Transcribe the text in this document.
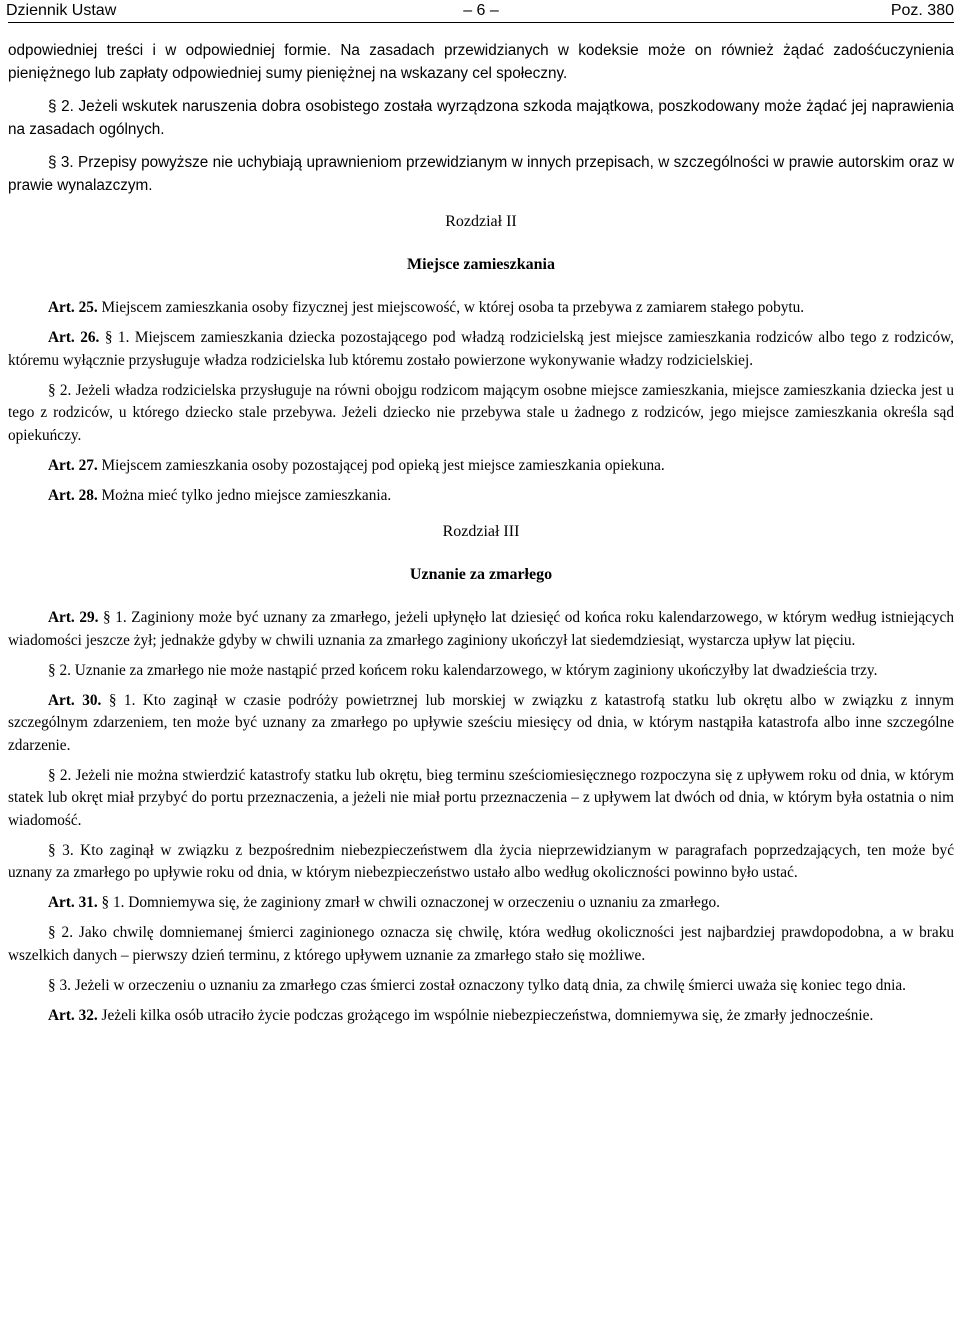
Dziennik Ustaw	– 6 –	Poz. 380

odpowiedniej treści i w odpowiedniej formie. Na zasadach przewidzianych w kodeksie może on również żądać zadośćuczynienia pieniężnego lub zapłaty odpowiedniej sumy pieniężnej na wskazany cel społeczny.

§ 2. Jeżeli wskutek naruszenia dobra osobistego została wyrządzona szkoda majątkowa, poszkodowany może żądać jej naprawienia na zasadach ogólnych.

§ 3. Przepisy powyższe nie uchybiają uprawnieniom przewidzianym w innych przepisach, w szczególności w prawie autorskim oraz w prawie wynalazczym.

Rozdział II
Miejsce zamieszkania

Art. 25. Miejscem zamieszkania osoby fizycznej jest miejscowość, w której osoba ta przebywa z zamiarem stałego pobytu.

Art. 26. § 1. Miejscem zamieszkania dziecka pozostającego pod władzą rodzicielską jest miejsce zamieszkania rodziców albo tego z rodziców, któremu wyłącznie przysługuje władza rodzicielska lub któremu zostało powierzone wykonywanie władzy rodzicielskiej.

§ 2. Jeżeli władza rodzicielska przysługuje na równi obojgu rodzicom mającym osobne miejsce zamieszkania, miejsce zamieszkania dziecka jest u tego z rodziców, u którego dziecko stale przebywa. Jeżeli dziecko nie przebywa stale u żadnego z rodziców, jego miejsce zamieszkania określa sąd opiekuńczy.

Art. 27. Miejscem zamieszkania osoby pozostającej pod opieką jest miejsce zamieszkania opiekuna.

Art. 28. Można mieć tylko jedno miejsce zamieszkania.

Rozdział III
Uznanie za zmarłego

Art. 29. § 1. Zaginiony może być uznany za zmarłego, jeżeli upłynęło lat dziesięć od końca roku kalendarzowego, w którym według istniejących wiadomości jeszcze żył; jednakże gdyby w chwili uznania za zmarłego zaginiony ukończył lat siedemdziesiąt, wystarcza upływ lat pięciu.

§ 2. Uznanie za zmarłego nie może nastąpić przed końcem roku kalendarzowego, w którym zaginiony ukończyłby lat dwadzieścia trzy.

Art. 30. § 1. Kto zaginął w czasie podróży powietrznej lub morskiej w związku z katastrofą statku lub okrętu albo w związku z innym szczególnym zdarzeniem, ten może być uznany za zmarłego po upływie sześciu miesięcy od dnia, w którym nastąpiła katastrofa albo inne szczególne zdarzenie.

§ 2. Jeżeli nie można stwierdzić katastrofy statku lub okrętu, bieg terminu sześciomiesięcznego rozpoczyna się z upływem roku od dnia, w którym statek lub okręt miał przybyć do portu przeznaczenia, a jeżeli nie miał portu przeznaczenia – z upływem lat dwóch od dnia, w którym była ostatnia o nim wiadomość.

§ 3. Kto zaginął w związku z bezpośrednim niebezpieczeństwem dla życia nieprzewidzianym w paragrafach poprzedzających, ten może być uznany za zmarłego po upływie roku od dnia, w którym niebezpieczeństwo ustało albo według okoliczności powinno było ustać.

Art. 31. § 1. Domniemywa się, że zaginiony zmarł w chwili oznaczonej w orzeczeniu o uznaniu za zmarłego.

§ 2. Jako chwilę domniemanej śmierci zaginionego oznacza się chwilę, która według okoliczności jest najbardziej prawdopodobna, a w braku wszelkich danych – pierwszy dzień terminu, z którego upływem uznanie za zmarłego stało się możliwe.

§ 3. Jeżeli w orzeczeniu o uznaniu za zmarłego czas śmierci został oznaczony tylko datą dnia, za chwilę śmierci uważa się koniec tego dnia.

Art. 32. Jeżeli kilka osób utraciło życie podczas grożącego im wspólnie niebezpieczeństwa, domniemywa się, że zmarły jednocześnie.
